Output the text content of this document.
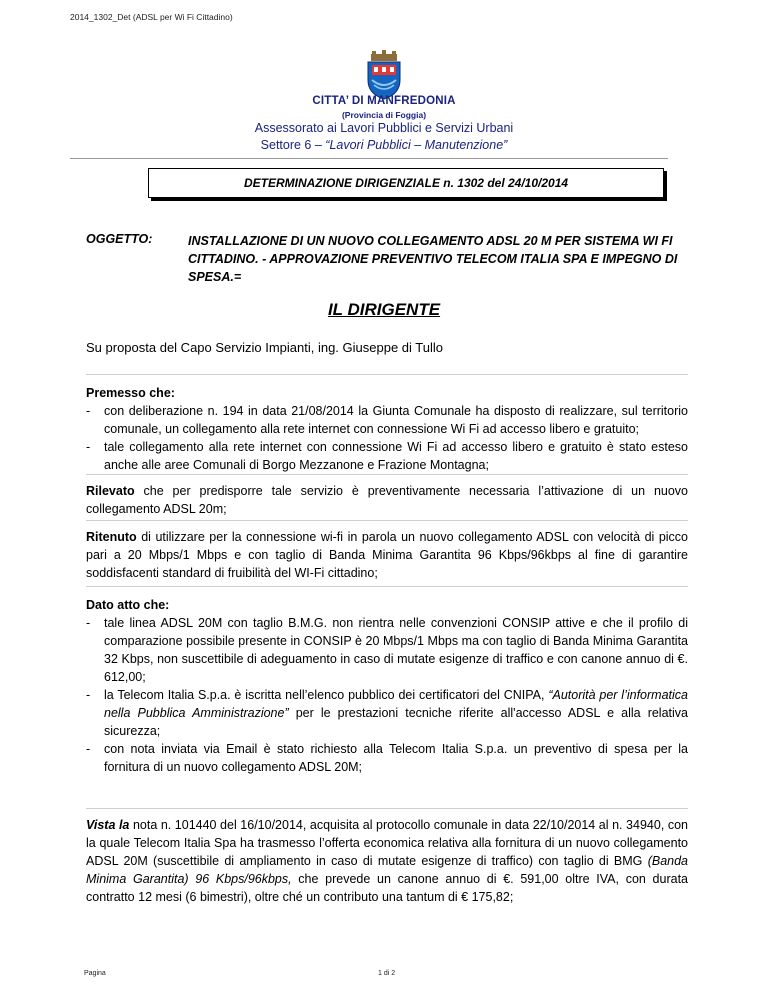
2014_1302_Det (ADSL per Wi Fi Cittadino)
CITTA’ DI MANFREDONIA
(Provincia di Foggia)
Assessorato ai Lavori Pubblici e Servizi Urbani
Settore 6 – “Lavori Pubblici – Manutenzione”
DETERMINAZIONE DIRIGENZIALE n. 1302 del 24/10/2014
OGGETTO:	INSTALLAZIONE DI UN NUOVO COLLEGAMENTO ADSL 20 M PER SISTEMA WI FI CITTADINO. - APPROVAZIONE PREVENTIVO TELECOM ITALIA SPA E IMPEGNO DI SPESA.=
IL DIRIGENTE

Su proposta del Capo Servizio Impianti, ing. Giuseppe di Tullo

Premesso che:

- con deliberazione n. 194 in data 21/08/2014 la Giunta Comunale ha disposto di realizzare, sul territorio comunale, un collegamento alla rete internet con connessione Wi Fi ad accesso libero e gratuito;
- tale collegamento alla rete internet con connessione Wi Fi ad accesso libero e gratuito è stato esteso anche alle aree Comunali di Borgo Mezzanone e Frazione Montagna;

Rilevato che per predisporre tale servizio è preventivamente necessaria l’attivazione di un nuovo collegamento ADSL 20m;

Ritenuto di utilizzare per la connessione wi-fi in parola un nuovo collegamento ADSL con velocità di picco pari a 20 Mbps/1 Mbps e con taglio di Banda Minima Garantita 96 Kbps/96kbps al fine di garantire soddisfacenti standard di fruibilità del WI-Fi cittadino;

Dato atto che:

- tale linea ADSL 20M con taglio B.M.G. non rientra nelle convenzioni CONSIP attive e che il profilo di comparazione possibile presente in CONSIP è 20 Mbps/1 Mbps ma con taglio di Banda Minima Garantita 32 Kbps, non suscettibile di adeguamento in caso di mutate esigenze di traffico e con canone annuo di €. 612,00;
- la Telecom Italia S.p.a. è iscritta nell’elenco pubblico dei certificatori del CNIPA, “Autorità per l’informatica nella Pubblica Amministrazione” per le prestazioni tecniche riferite all'accesso ADSL e alla relativa sicurezza;
- con nota inviata via Email è stato richiesto alla Telecom Italia S.p.a. un preventivo di spesa per la fornitura di un nuovo collegamento ADSL 20M;

Vista la nota n. 101440 del 16/10/2014, acquisita al protocollo comunale in data 22/10/2014 al n. 34940, con la quale Telecom Italia Spa ha trasmesso l’offerta economica relativa alla fornitura di un nuovo collegamento ADSL 20M (suscettibile di ampliamento in caso di mutate esigenze di traffico) con taglio di BMG (Banda Minima Garantita) 96 Kbps/96kbps, che prevede un canone annuo di €. 591,00 oltre IVA, con durata contratto 12 mesi (6 bimestri), oltre ché un contributo una tantum di € 175,82;

Pagina	1 di 2
